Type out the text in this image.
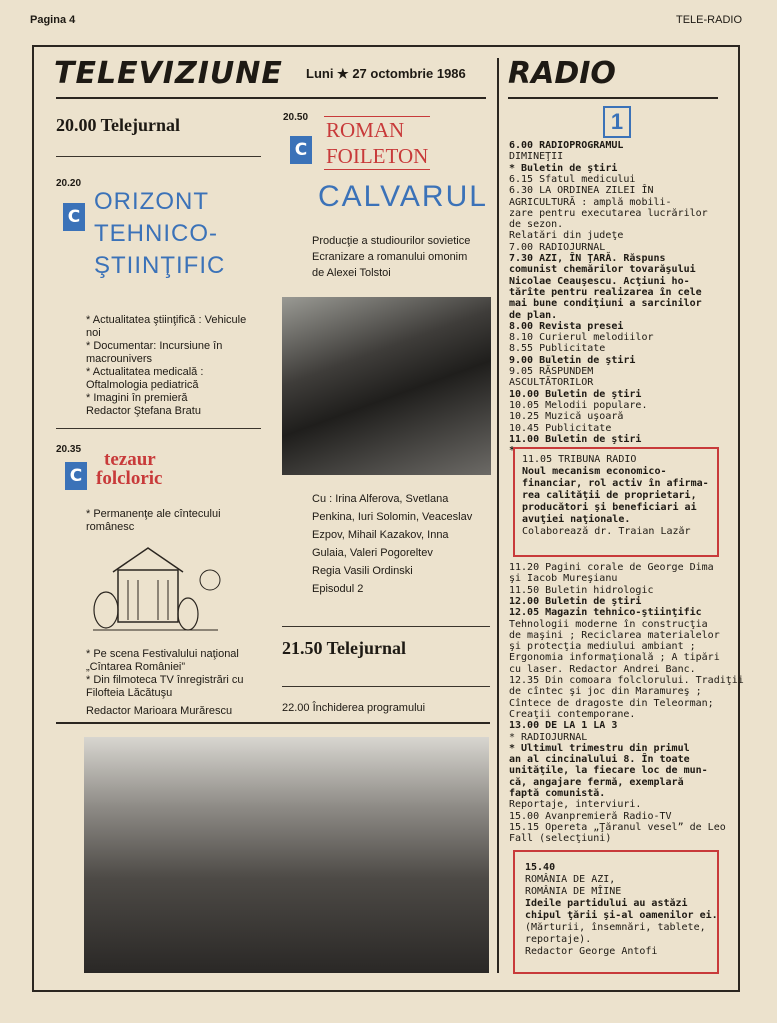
Pagina 4	TELE-RADIO
TELEVIZIUNE Luni ★ 27 octombrie 1986
20.00 Telejurnal
20.20
C
ORIZONT
TEHNICO-
ŞTIINŢIFIC
* Actualitatea ştiinţifică : Vehicule noi
* Documentar: Incursiune în macrounivers
* Actualitatea medicală : Oftalmologia pediatrică
* Imagini în premieră
Redactor Ştefana Bratu
20.35
C
tezaur
folcloric
* Permanenţe ale cîntecului românesc
* Pe scena Festivalului naţional „Cîntarea României”
* Din filmoteca TV înregistrări cu Filofteia Lăcătuşu
Redactor Marioara Murărescu
20.50
C
ROMAN
FOILETON
CALVARUL
Producţie a studiourilor sovietice
Ecranizare a romanului omonim
de Alexei Tolstoi
Cu : Irina Alferova, Svetlana
Penkina, Iuri Solomin, Veaceslav
Ezpov, Mihail Kazakov, Inna
Gulaia, Valeri Pogoreltev
Regia Vasili Ordinski
Episodul 2
21.50 Telejurnal
22.00 Închiderea programului
RADIO
1
6.00 RADIOPROGRAMUL
DIMINEŢII
* Buletin de ştiri
6.15 Sfatul medicului
6.30 LA ORDINEA ZILEI ÎN
AGRICULTURĂ : amplă mobili-
zare pentru executarea lucrărilor
de sezon.
Relatări din judeţe
7.00 RADIOJURNAL
7.30 AZI, ÎN ŢARĂ. Răspuns
comunist chemărilor tovarăşului
Nicolae Ceauşescu. Acţiuni ho-
tărîte pentru realizarea în cele
mai bune condiţiuni a sarcinilor
de plan.
8.00 Revista presei
8.10 Curierul melodiilor
8.55 Publicitate
9.00 Buletin de ştiri
9.05 RĂSPUNDEM
ASCULTĂTORILOR
10.00 Buletin de ştiri
10.05 Melodii populare.
10.25 Muzică uşoară
10.45 Publicitate
11.00 Buletin de ştiri
*
11.05 TRIBUNA RADIO
Noul mecanism economico-
financiar, rol activ în afirma-
rea calităţii de proprietari,
producători şi beneficiari ai
avuţiei naţionale.
Colaborează dr. Traian Lazăr
11.20 Pagini corale de George Dima
şi Iacob Mureşianu
11.50 Buletin hidrologic
12.00 Buletin de ştiri
12.05 Magazin tehnico-ştiinţific
Tehnologii moderne în construcţia
de maşini ; Reciclarea materialelor
şi protecţia mediului ambiant ;
Ergonomia informaţională ; A tipări
cu laser. Redactor Andrei Banc.
12.35 Din comoara folclorului. Tradiţii
de cîntec şi joc din Maramureş ;
Cîntece de dragoste din Teleorman;
Creaţii contemporane.
13.00 DE LA 1 LA 3
* RADIOJURNAL
* Ultimul trimestru din primul
an al cincinalului 8. În toate
unităţile, la fiecare loc de mun-
că, angajare fermă, exemplară
faptă comunistă.
Reportaje, interviuri.
15.00 Avanpremieră Radio-TV
15.15 Opereta „Ţăranul vesel” de Leo
Fall (selecţiuni)
15.40
ROMÂNIA DE AZI,
ROMÂNIA DE MÎINE
Ideile partidului au astăzi
chipul ţării şi-al oamenilor ei.
(Mărturii, însemnări, tablete,
reportaje).
Redactor George Antofi
